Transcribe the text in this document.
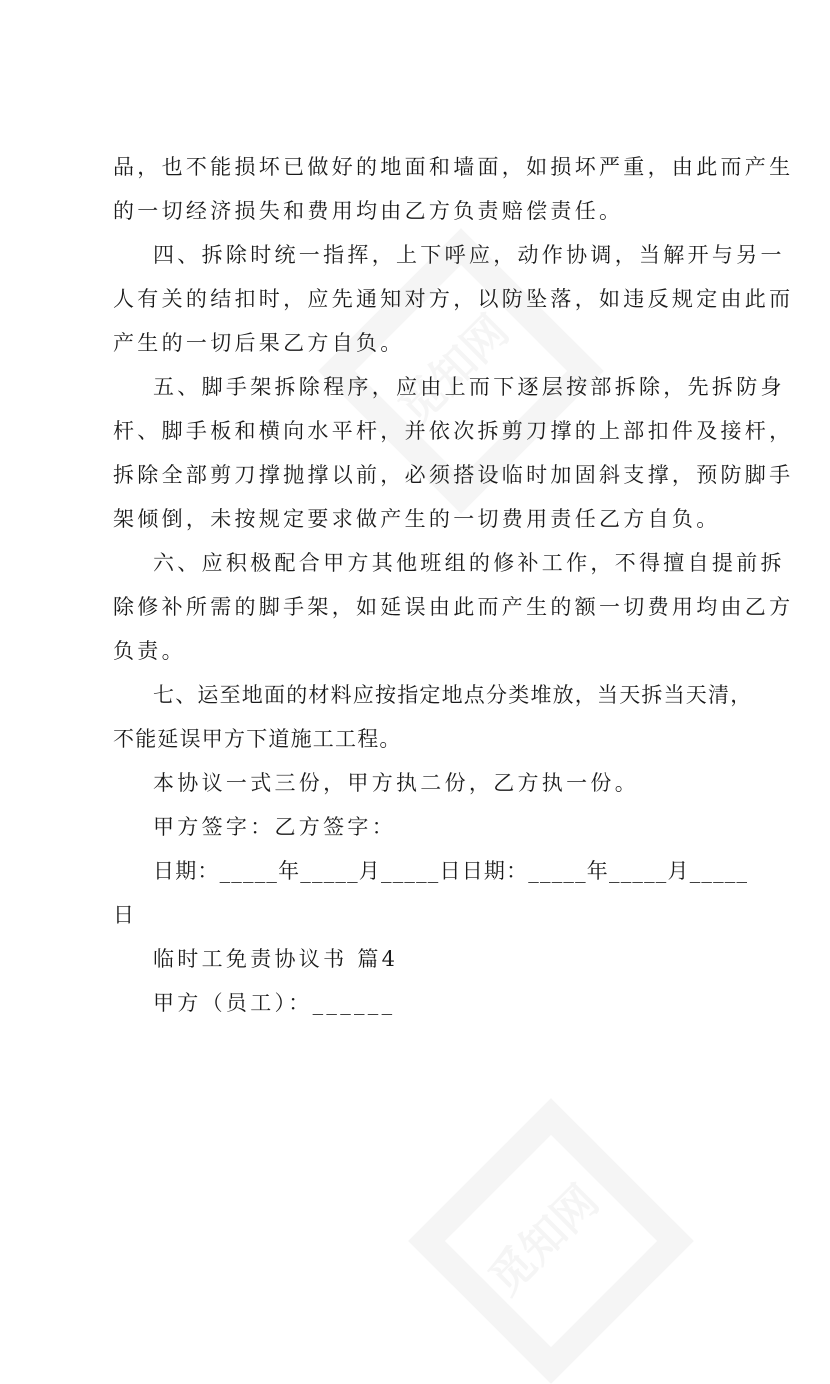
觅知网
觅知网
品，也不能损坏已做好的地面和墙面，如损坏严重，由此而产生
的一切经济损失和费用均由乙方负责赔偿责任。
四、拆除时统一指挥，上下呼应，动作协调，当解开与另一
人有关的结扣时，应先通知对方，以防坠落，如违反规定由此而
产生的一切后果乙方自负。
五、脚手架拆除程序，应由上而下逐层按部拆除，先拆防身
杆、脚手板和横向水平杆，并依次拆剪刀撑的上部扣件及接杆，
拆除全部剪刀撑抛撑以前，必须搭设临时加固斜支撑，预防脚手
架倾倒，未按规定要求做产生的一切费用责任乙方自负。
六、应积极配合甲方其他班组的修补工作，不得擅自提前拆
除修补所需的脚手架，如延误由此而产生的额一切费用均由乙方
负责。
七、运至地面的材料应按指定地点分类堆放，当天拆当天清，
不能延误甲方下道施工工程。
本协议一式三份，甲方执二份，乙方执一份。
甲方签字：乙方签字：
日期：_____年_____月_____日日期：_____年_____月_____
日
临时工免责协议书 篇4
甲方（员工）：______
